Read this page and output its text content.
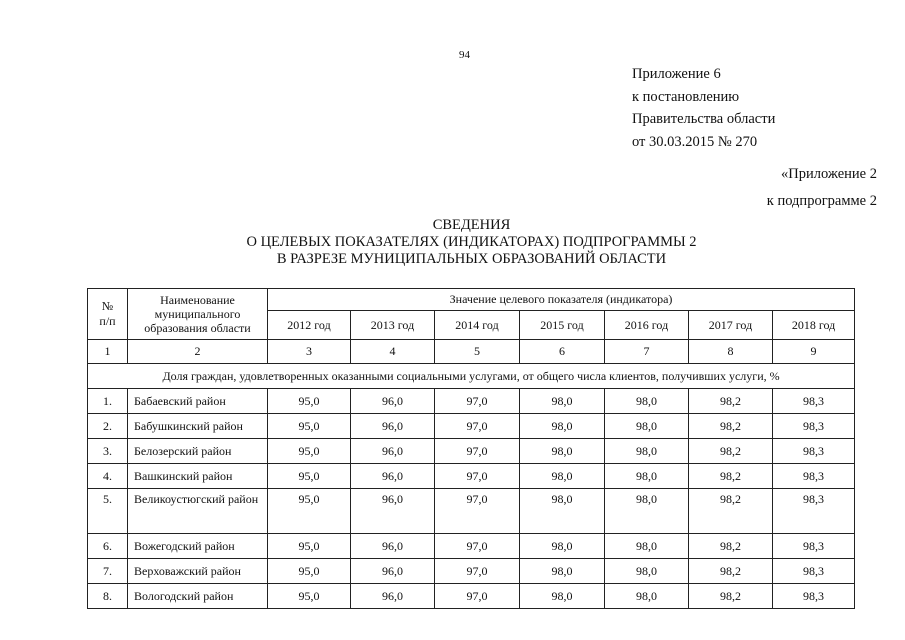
94
Приложение 6
к постановлению
Правительства области
от 30.03.2015 № 270
«Приложение 2
к подпрограмме 2
СВЕДЕНИЯ
О ЦЕЛЕВЫХ ПОКАЗАТЕЛЯХ (ИНДИКАТОРАХ) ПОДПРОГРАММЫ 2
В РАЗРЕЗЕ МУНИЦИПАЛЬНЫХ ОБРАЗОВАНИЙ ОБЛАСТИ
№
п/п	Наименование муниципального образования области	Значение целевого показателя (индикатора)						
		2012 год	2013 год	2014 год	2015 год	2016 год	2017 год	2018 год
1	2	3	4	5	6	7	8	9
Доля граждан, удовлетворенных оказанными социальными услугами, от общего числа клиентов, получивших услуги, %								
1.	Бабаевский район	95,0	96,0	97,0	98,0	98,0	98,2	98,3
2.	Бабушкинский район	95,0	96,0	97,0	98,0	98,0	98,2	98,3
3.	Белозерский район	95,0	96,0	97,0	98,0	98,0	98,2	98,3
4.	Вашкинский район	95,0	96,0	97,0	98,0	98,0	98,2	98,3
5.	Великоустюгский район	95,0	96,0	97,0	98,0	98,0	98,2	98,3
6.	Вожегодский район	95,0	96,0	97,0	98,0	98,0	98,2	98,3
7.	Верховажский район	95,0	96,0	97,0	98,0	98,0	98,2	98,3
8.	Вологодский район	95,0	96,0	97,0	98,0	98,0	98,2	98,3
